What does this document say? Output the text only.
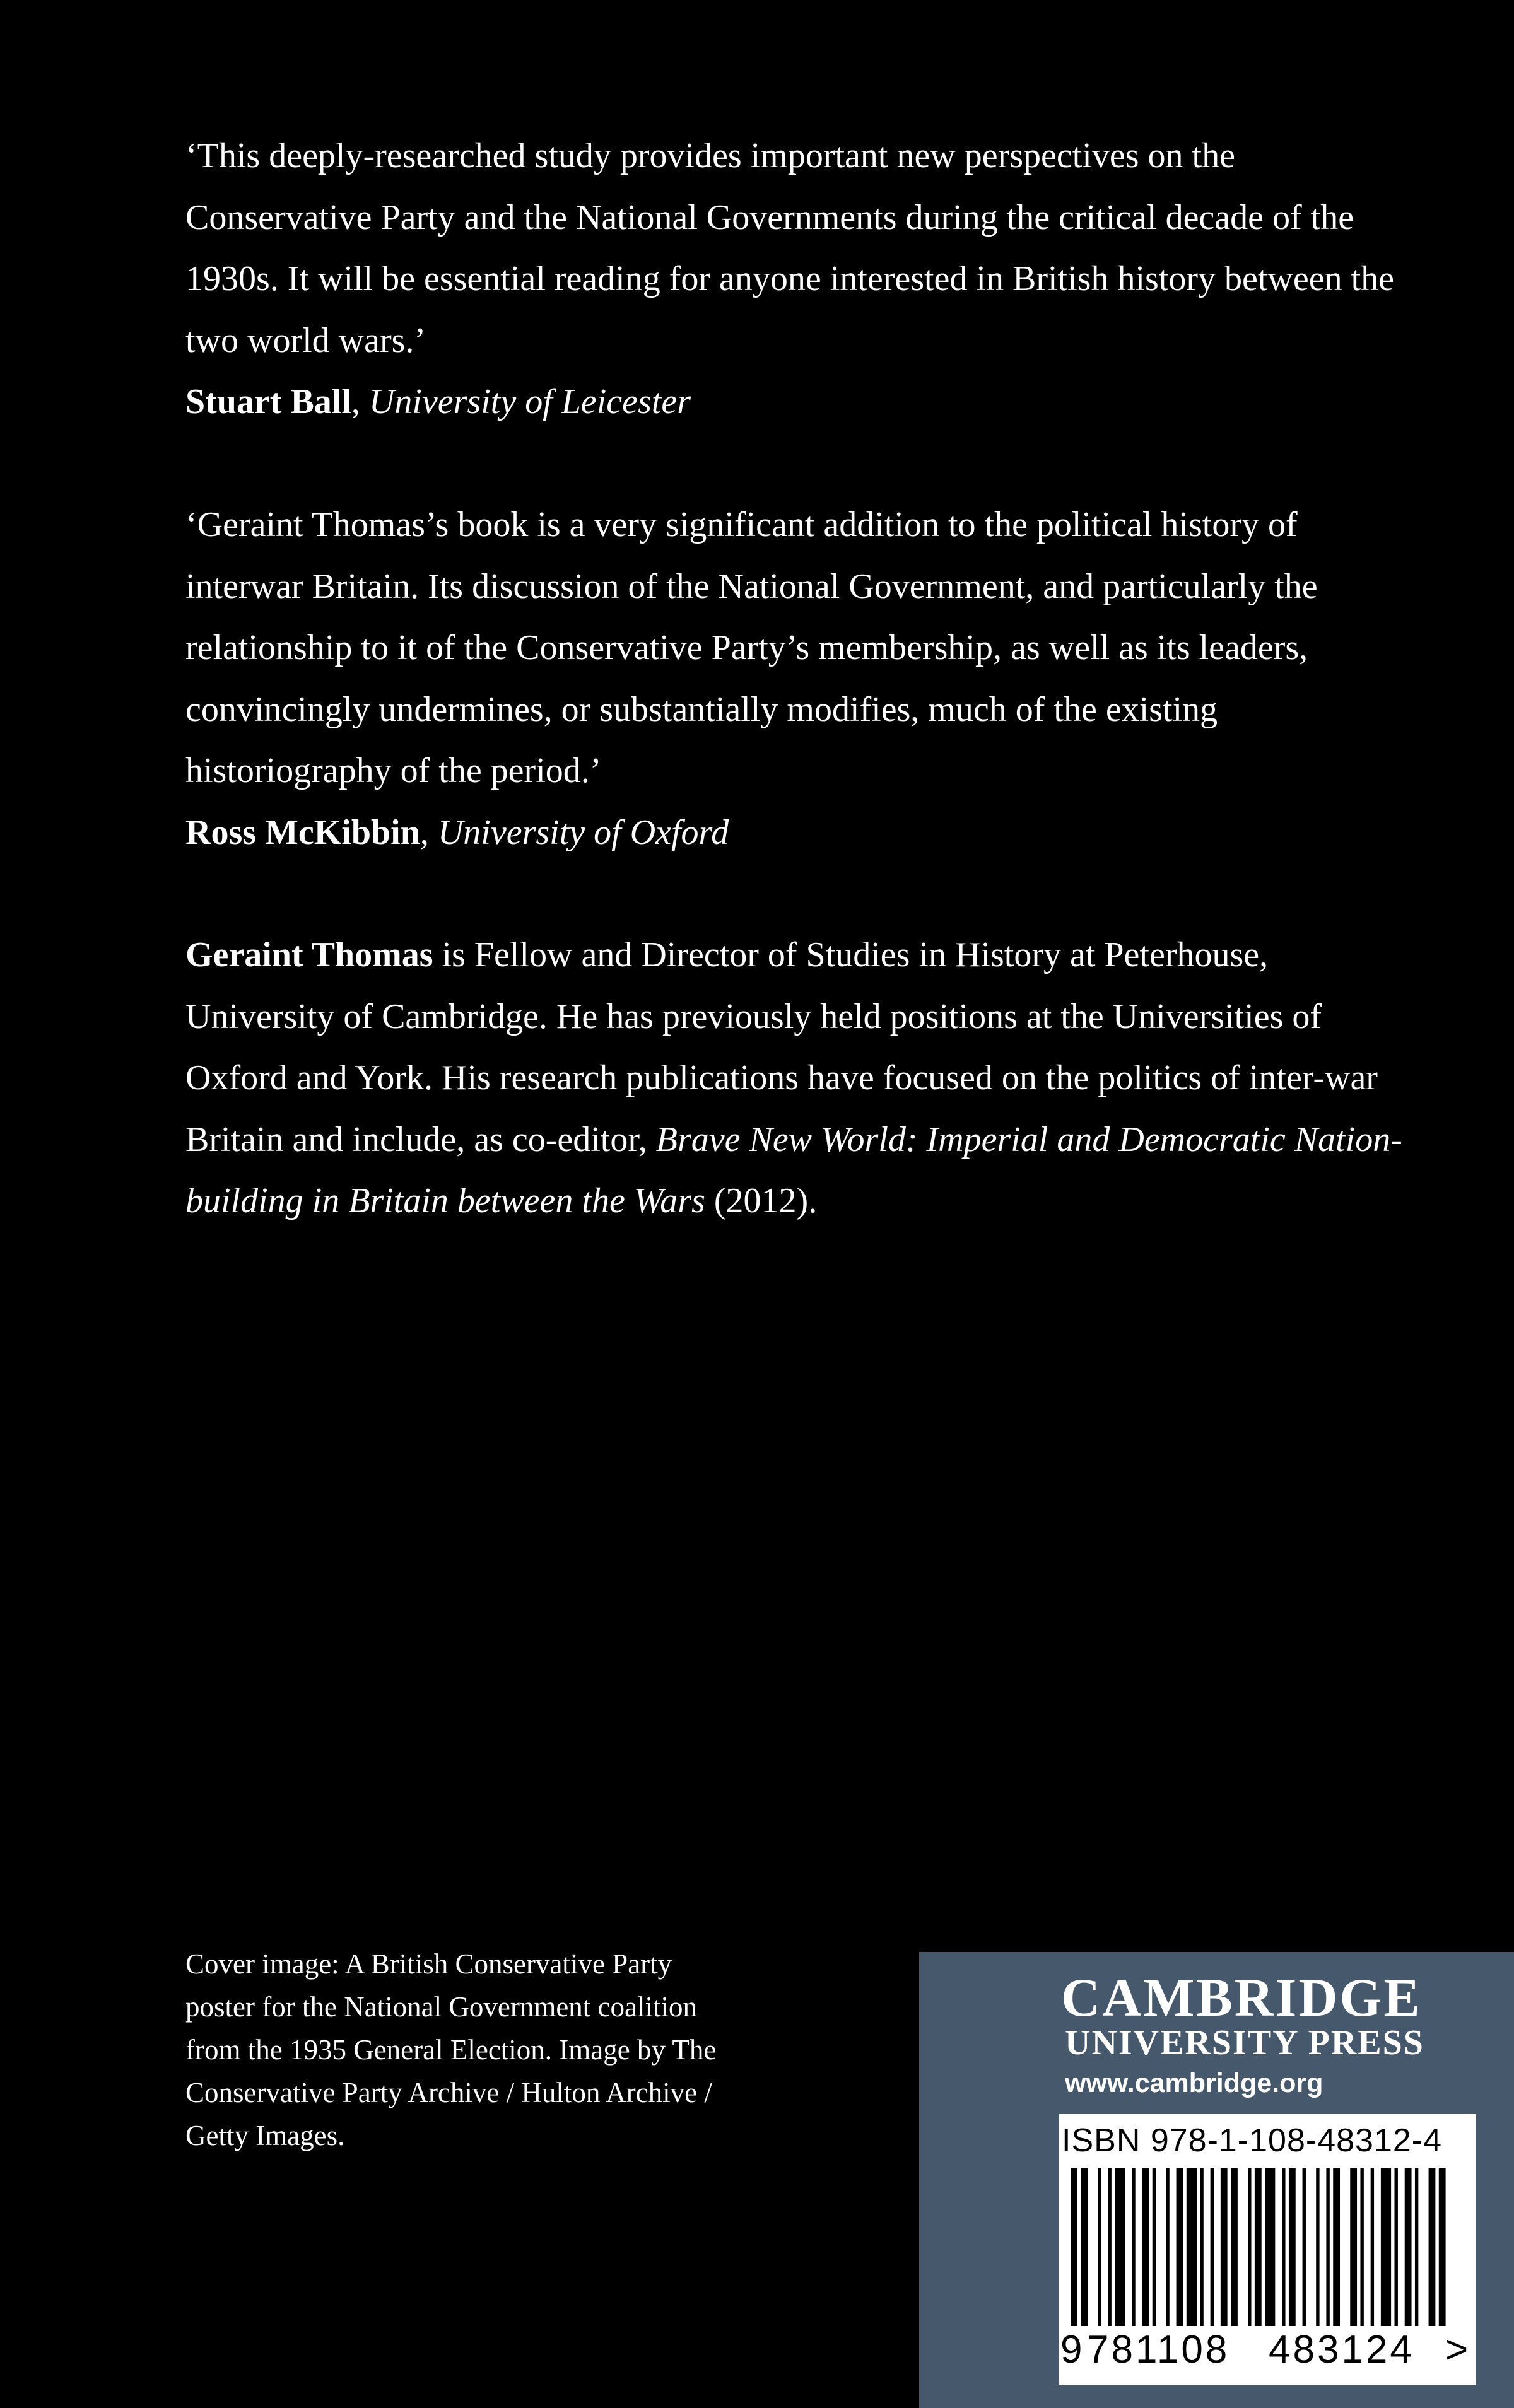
‘This deeply-researched study provides important new perspectives on the Conservative Party and the National Governments during the critical decade of the 1930s. It will be essential reading for anyone interested in British history between the two world wars.’

Stuart Ball, University of Leicester

‘Geraint Thomas’s book is a very significant addition to the political history of interwar Britain. Its discussion of the National Government, and particularly the relationship to it of the Conservative Party’s membership, as well as its leaders, convincingly undermines, or substantially modifies, much of the existing historiography of the period.’

Ross McKibbin, University of Oxford

Geraint Thomas is Fellow and Director of Studies in History at Peterhouse, University of Cambridge. He has previously held positions at the Universities of Oxford and York. His research publications have focused on the politics of inter-war Britain and include, as co-editor, Brave New World: Imperial and Democratic Nation-building in Britain between the Wars (2012).

Cover image: A British Conservative Party
poster for the National Government coalition
from the 1935 General Election. Image by The
Conservative Party Archive / Hulton Archive /
Getty Images.

CAMBRIDGE
UNIVERSITY PRESS
www.cambridge.org
ISBN 978-1-108-48312-4
9 781108 483124 >
